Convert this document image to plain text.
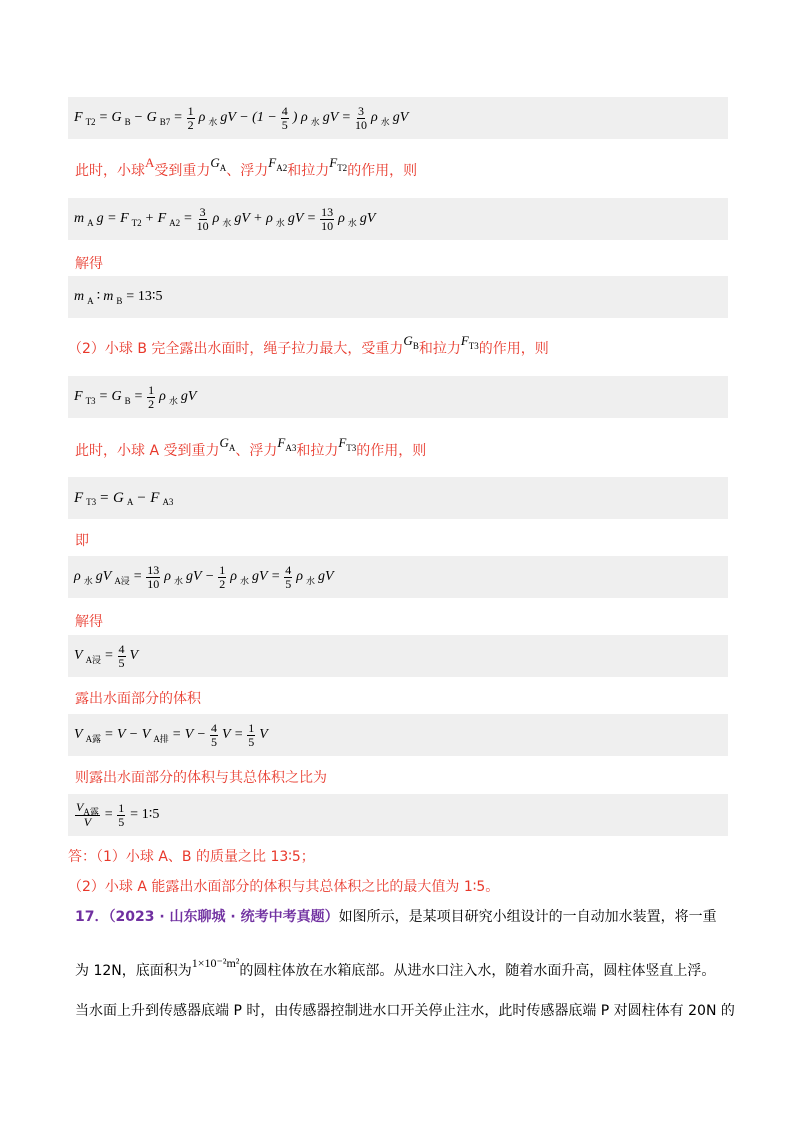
F T2 = G B − G $B7 = \frac{1}{2}$ ρ 水 gV − ($1 - \frac{4}{5}$ ) ρ 水 gV = $\frac{3}{10}$ ρ 水 gV
此时，小球A受到重力$G_A$、浮力$F_{A2}$和拉力$F_{T2}$的作用，则
m A g = F T2 + F $A2 = \frac{3}{10}$ ρ 水 gV + ρ 水 gV = $\frac{13}{10}$ ρ 水 gV
解得
m A ∶ m B = 13∶5
（2）小球 B 完全露出水面时，绳子拉力最大，受重力$G_B$和拉力$F_{T3}$的作用，则
F T3 = G $B = \frac{1}{2}$ ρ 水 gV
此时，小球 A 受到重力$G_A$、浮力$F_{A3}$和拉力$F_{T3}$的作用，则
F T3 = G A − F A3
即
ρ 水 gV A浸 = $\frac{13}{10}$ ρ 水 gV − $\frac{1}{2}$ ρ 水 gV = $\frac{4}{5}$ ρ 水 gV
解得
V A浸 = $\frac{4}{5}$ V
露出水面部分的体积
V A露 = V − V A排 = $V - \frac{4}{5}$ $V = \frac{1}{5}$ V
则露出水面部分的体积与其总体积之比为
$\frac{V_{A露}}{V} = \frac{1}{5}$ = 1∶5
答：（1）小球 A、B 的质量之比 13∶5；
（2）小球 A 能露出水面部分的体积与其总体积之比的最大值为 1∶5。
17．（2023 · 山东聊城 · 统考中考真题）如图所示，是某项目研究小组设计的一自动加水装置，将一重
为 12N，底面积为1×10⁻²m²的圆柱体放在水箱底部。从进水口注入水，随着水面升高，圆柱体竖直上浮。
当水面上升到传感器底端 P 时，由传感器控制进水口开关停止注水，此时传感器底端 P 对圆柱体有 20N 的
